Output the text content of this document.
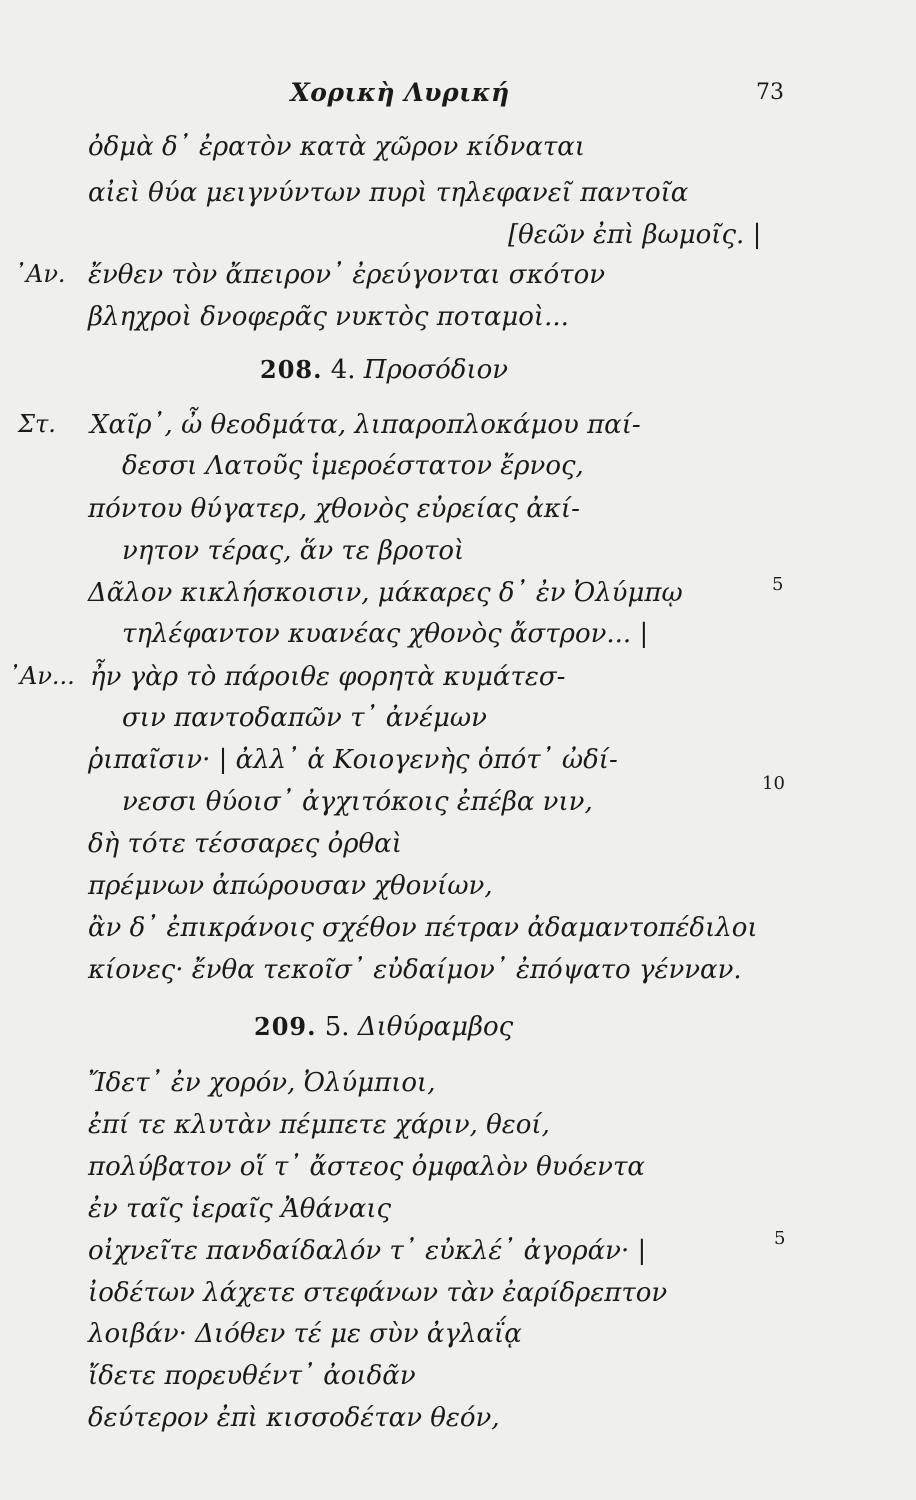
Χορικὴ Λυρική	73
ὀδμὰ δ᾽ ἐρατὸν κατὰ χῶρον κίδναται
αἰεὶ θύα μειγνύντων πυρὶ τηλεφανεῖ παντοῖα
[θεῶν ἐπὶ βωμοῖς. |
᾽Αν. ἔνθεν τὸν ἄπειρον᾽ ἐρεύγονται σκότον
βληχροὶ δνοφερᾶς νυκτὸς ποταμοὶ...
208. 4. Προσόδιον
Στ. Χαῖρ᾽, ὦ θεοδμάτα, λιπαροπλοκάμου παί-
δεσσι Λατοῦς ἱμεροέστατον ἔρνος,
πόντου θύγατερ, χθονὸς εὐρείας ἀκί-
νητον τέρας, ἅν τε βροτοὶ
Δᾶλον κικλήσκοισιν, μάκαρες δ᾽ ἐν Ὀλύμπῳ	5
τηλέφαντον κυανέας χθονὸς ἄστρον... |
᾽Αν... ἦν γὰρ τὸ πάροιθε φορητὰ κυμάτεσ-
σιν παντοδαπῶν τ᾽ ἀνέμων
ῥιπαῖσιν· | ἀλλ᾽ ἁ Κοιογενὴς ὁπότ᾽ ὠδί-
νεσσι θύοισ᾽ ἀγχιτόκοις ἐπέβα νιν,
10
δὴ τότε τέσσαρες ὀρθαὶ
πρέμνων ἀπώρουσαν χθονίων,
ἂν δ᾽ ἐπικράνοις σχέθον πέτραν ἀδαμαντοπέδιλοι
κίονες· ἔνθα τεκοῖσ᾽ εὐδαίμον᾽ ἐπόψατο γένναν.
209. 5. Διθύραμβος
Ἴδετ᾽ ἐν χορόν, Ὀλύμπιοι,
ἐπί τε κλυτὰν πέμπετε χάριν, θεοί,
πολύβατον οἵ τ᾽ ἄστεος ὀμφαλὸν θυόεντα
ἐν ταῖς ἱεραῖς Ἀθάναις
οἰχνεῖτε πανδαίδαλόν τ᾽ εὐκλέ᾽ ἀγοράν· |	5
ἰοδέτων λάχετε στεφάνων τὰν ἐαρίδρεπτον
λοιβάν· Διόθεν τέ με σὺν ἀγλαΐᾳ
ἴδετε πορευθέντ᾽ ἀοιδᾶν
δεύτερον ἐπὶ κισσοδέταν θεόν,
